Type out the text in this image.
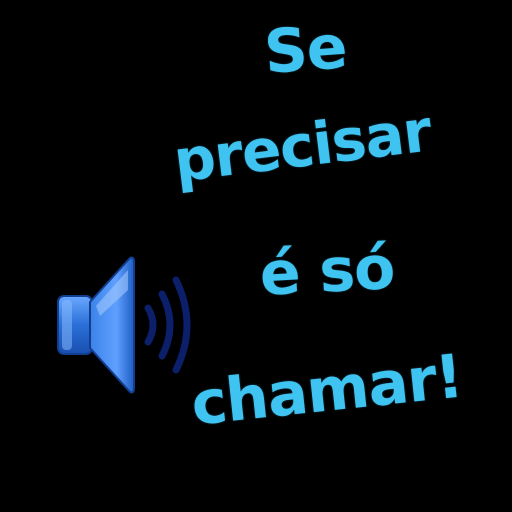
Se
precisar
é só
chamar!
